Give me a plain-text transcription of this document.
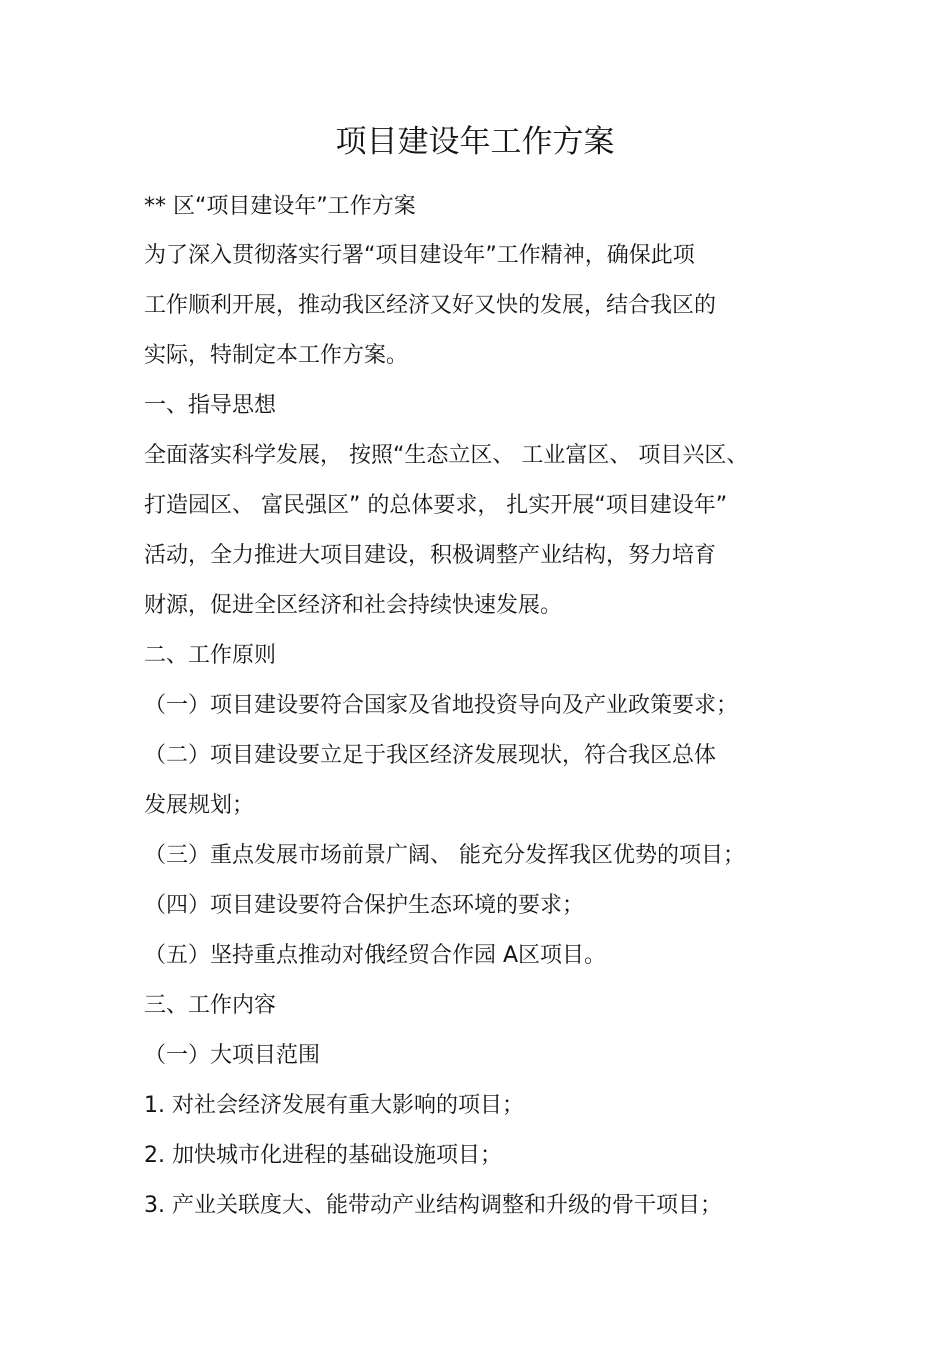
项目建设年工作方案
** 区“项目建设年”工作方案
为了深入贯彻落实行署“项目建设年”工作精神，确保此项
工作顺利开展，推动我区经济又好又快的发展，结合我区的
实际，特制定本工作方案。
一、指导思想
全面落实科学发展， 按照“生态立区、 工业富区、 项目兴区、
打造园区、 富民强区” 的总体要求， 扎实开展“项目建设年”
活动，全力推进大项目建设，积极调整产业结构，努力培育
财源，促进全区经济和社会持续快速发展。
二、工作原则
（一）项目建设要符合国家及省地投资导向及产业政策要求；
（二）项目建设要立足于我区经济发展现状，符合我区总体
发展规划；
（三）重点发展市场前景广阔、 能充分发挥我区优势的项目；
（四）项目建设要符合保护生态环境的要求；
（五）坚持重点推动对俄经贸合作园 A区项目。
三、工作内容
（一）大项目范围
1. 对社会经济发展有重大影响的项目；
2. 加快城市化进程的基础设施项目；
3. 产业关联度大、能带动产业结构调整和升级的骨干项目；
